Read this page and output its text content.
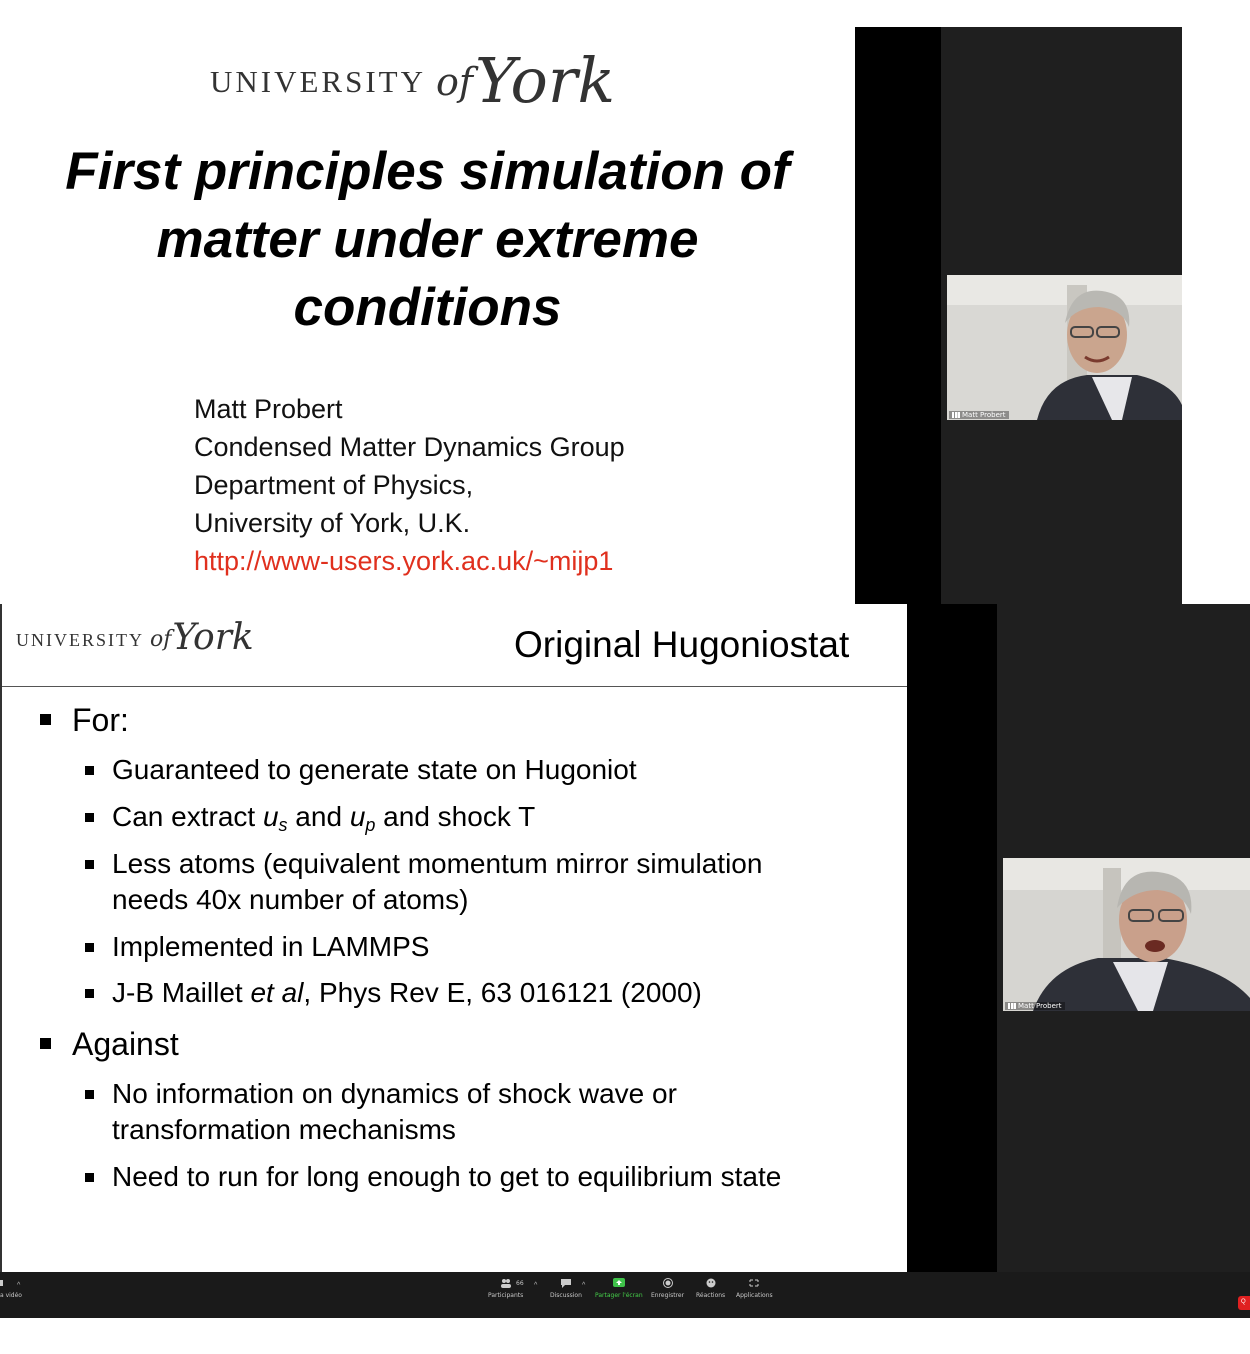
UNIVERSITY of York
First principles simulation of
matter under extreme
conditions
Matt Probert
Condensed Matter Dynamics Group
Department of Physics,
University of York, U.K.
http://www-users.york.ac.uk/~mijp1
Matt Probert
Matt Probert
UNIVERSITY of York	Original Hugoniostat
For:
Guaranteed to generate state on Hugoniot
Can extract $u_s$ and $u_p$ and shock T
Less atoms (equivalent momentum mirror simulation
needs 40x number of atoms)
Implemented in LAMMPS
J-B Maillet et al, Phys Rev E, 63 016121 (2000)
Against
No information on dynamics of shock wave or
transformation mechanisms
Need to run for long enough to get to equilibrium state
a vidéo
^	66
Participants
^
Discussion
^
Partager l'écran Enregistrer Réactions Applications
Q
